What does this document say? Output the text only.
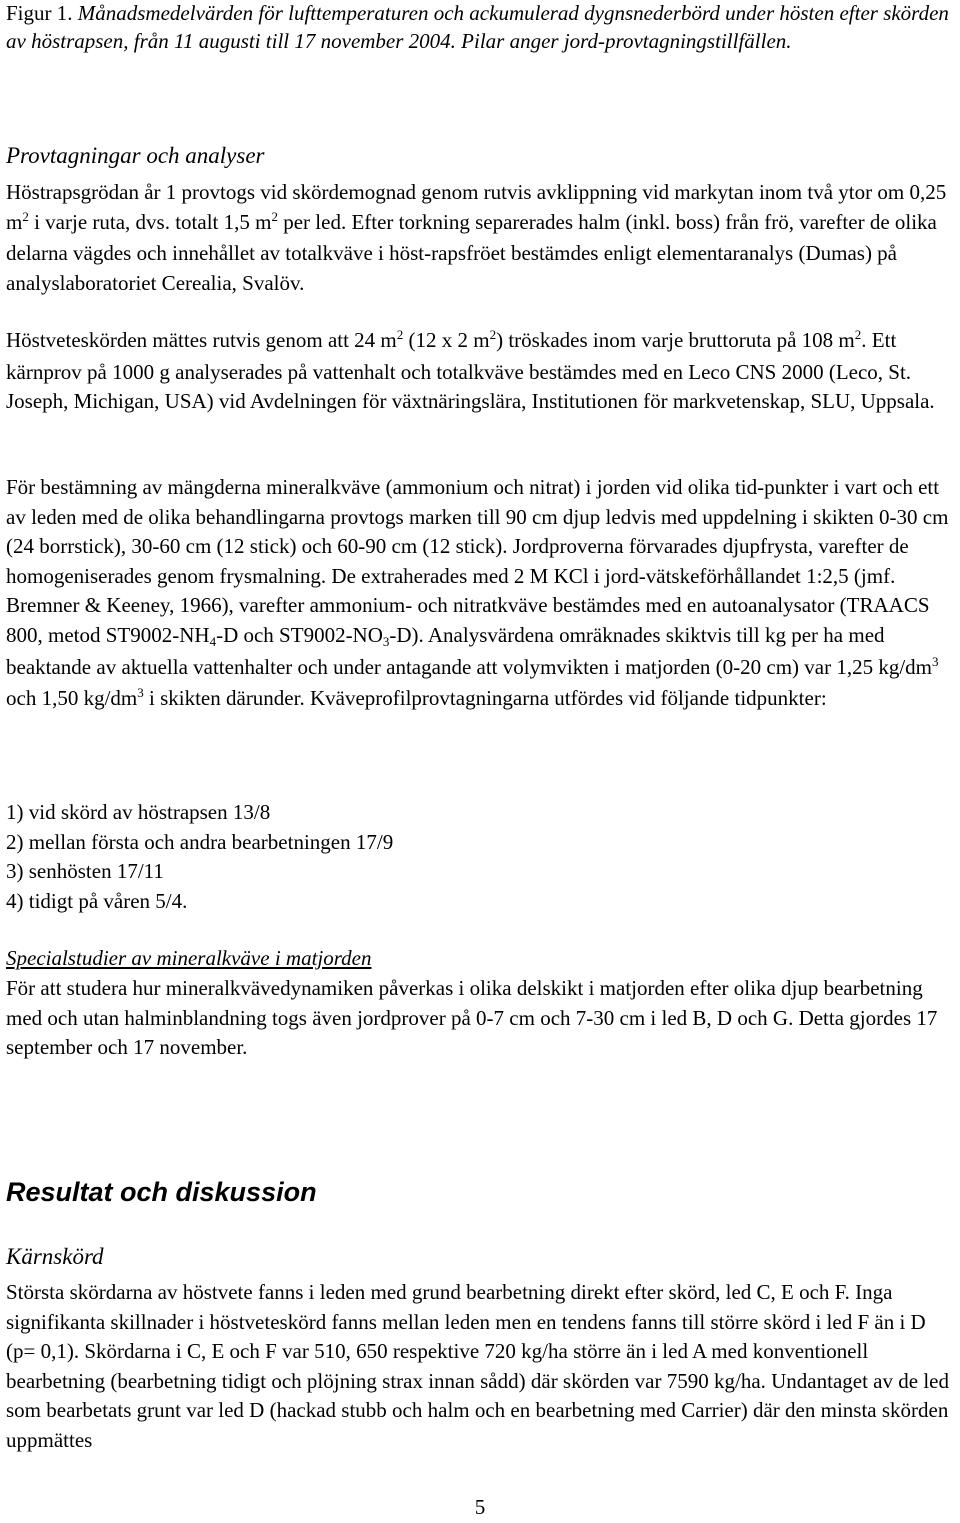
Figur 1. Månadsmedelvärden för lufttemperaturen och ackumulerad dygnsnederbörd under hösten efter skörden av höstrapsen, från 11 augusti till 17 november 2004. Pilar anger jord-provtagningstillfällen.

Provtagningar och analyser

Höstrapsgrödan år 1 provtogs vid skördemognad genom rutvis avklippning vid markytan inom två ytor om 0,25 $m^2$ i varje ruta, dvs. totalt 1,5 $m^2$ per led. Efter torkning separerades halm (inkl. boss) från frö, varefter de olika delarna vägdes och innehållet av totalkväve i höst-rapsfröet bestämdes enligt elementaranalys (Dumas) på analyslaboratoriet Cerealia, Svalöv.

Höstveteskörden mättes rutvis genom att 24 $m^2$ (12 x 2 $m^2$) tröskades inom varje bruttoruta på 108 $m^2$. Ett kärnprov på 1000 g analyserades på vattenhalt och totalkväve bestämdes med en Leco CNS 2000 (Leco, St. Joseph, Michigan, USA) vid Avdelningen för växtnäringslära, Institutionen för markvetenskap, SLU, Uppsala.

För bestämning av mängderna mineralkväve (ammonium och nitrat) i jorden vid olika tid-punkter i vart och ett av leden med de olika behandlingarna provtogs marken till 90 cm djup ledvis med uppdelning i skikten 0-30 cm (24 borrstick), 30-60 cm (12 stick) och 60-90 cm (12 stick). Jordproverna förvarades djupfrysta, varefter de homogeniserades genom frysmalning. De extraherades med 2 M KCl i jord-vätskeförhållandet 1:2,5 (jmf. Bremner & Keeney, 1966), varefter ammonium- och nitratkväve bestämdes med en autoanalysator (TRAACS 800, metod $ST9002-NH_4-D$ och $ST9002-NO_3-D$). Analysvärdena omräknades skiktvis till kg per ha med beaktande av aktuella vattenhalter och under antagande att volymvikten i matjorden (0-20 cm) var 1,25 $kg/dm^3$ och 1,50 $kg/dm^3$ i skikten därunder. Kväveprofilprovtagningarna utfördes vid följande tidpunkter:

1) vid skörd av höstrapsen 13/8
2) mellan första och andra bearbetningen 17/9
3) senhösten 17/11
4) tidigt på våren 5/4.

Specialstudier av mineralkväve i matjorden

För att studera hur mineralkvävedynamiken påverkas i olika delskikt i matjorden efter olika djup bearbetning med och utan halminblandning togs även jordprover på 0-7 cm och 7-30 cm i led B, D och G. Detta gjordes 17 september och 17 november.

Resultat och diskussion

Kärnskörd

Största skördarna av höstvete fanns i leden med grund bearbetning direkt efter skörd, led C, E och F. Inga signifikanta skillnader i höstveteskörd fanns mellan leden men en tendens fanns till större skörd i led F än i D (p= 0,1). Skördarna i C, E och F var 510, 650 respektive 720 kg/ha större än i led A med konventionell bearbetning (bearbetning tidigt och plöjning strax innan sådd) där skörden var 7590 kg/ha. Undantaget av de led som bearbetats grunt var led D (hackad stubb och halm och en bearbetning med Carrier) där den minsta skörden uppmättes

5
